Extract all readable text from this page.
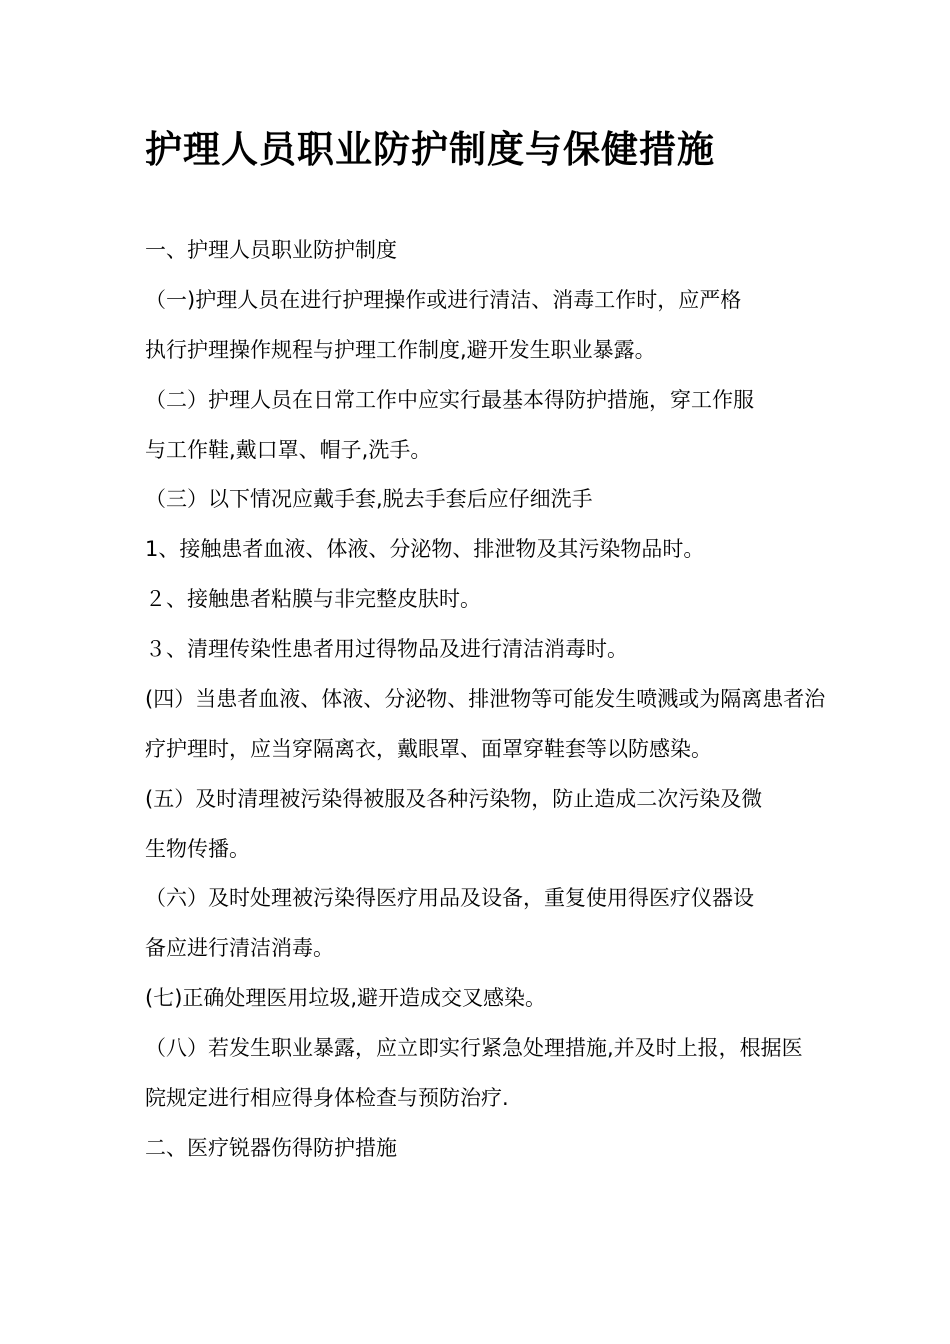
护理人员职业防护制度与保健措施

一、护理人员职业防护制度

（一)护理人员在进行护理操作或进行清洁、消毒工作时，应严格

执行护理操作规程与护理工作制度,避开发生职业暴露。

（二）护理人员在日常工作中应实行最基本得防护措施，穿工作服

与工作鞋,戴口罩、帽子,洗手。

（三）以下情况应戴手套,脱去手套后应仔细洗手

1、接触患者血液、体液、分泌物、排泄物及其污染物品时。

２、接触患者粘膜与非完整皮肤时。

３、清理传染性患者用过得物品及进行清洁消毒时。

(四）当患者血液、体液、分泌物、排泄物等可能发生喷溅或为隔离患者治

疗护理时，应当穿隔离衣，戴眼罩、面罩穿鞋套等以防感染。

(五）及时清理被污染得被服及各种污染物，防止造成二次污染及微

生物传播。

（六）及时处理被污染得医疗用品及设备，重复使用得医疗仪器设

备应进行清洁消毒。

(七)正确处理医用垃圾,避开造成交叉感染。

（八）若发生职业暴露，应立即实行紧急处理措施,并及时上报，根据医

院规定进行相应得身体检查与预防治疗.

二、医疗锐器伤得防护措施
